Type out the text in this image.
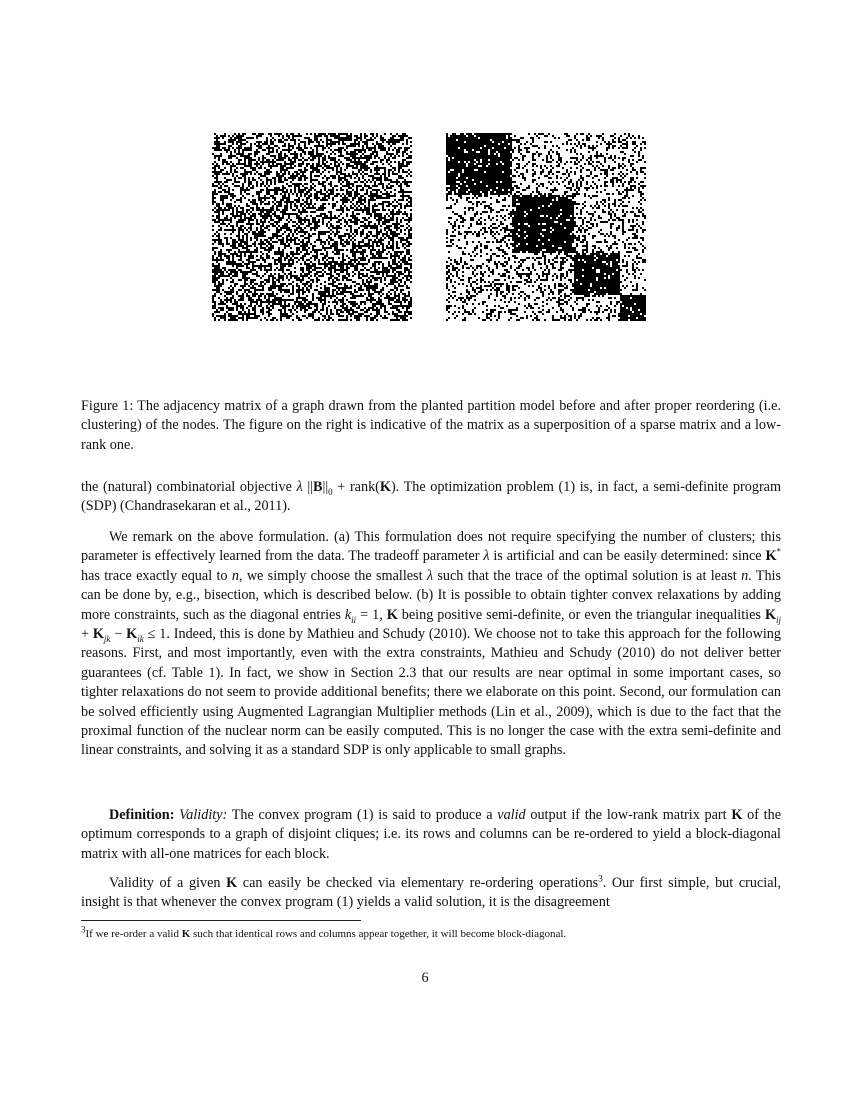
Figure 1: The adjacency matrix of a graph drawn from the planted partition model before and after proper reordering (i.e. clustering) of the nodes. The figure on the right is indicative of the matrix as a superposition of a sparse matrix and a low-rank one.

the (natural) combinatorial objective λ $||B||_0$ + rank(K). The optimization problem (1) is, in fact, a semi-definite program (SDP) (Chandrasekaran et al., 2011).

We remark on the above formulation. (a) This formulation does not require specifying the number of clusters; this parameter is effectively learned from the data. The tradeoff parameter λ is artificial and can be easily determined: since K* has trace exactly equal to n, we simply choose the smallest λ such that the trace of the optimal solution is at least n. This can be done by, e.g., bisection, which is described below. (b) It is possible to obtain tighter convex relaxations by adding more constraints, such as the diagonal entries $k_{ii} = 1$, K being positive semi-definite, or even the triangular inequalities $K_{ij} + K_{jk} - K_{ik} \le 1$. Indeed, this is done by Mathieu and Schudy (2010). We choose not to take this approach for the following reasons. First, and most importantly, even with the extra constraints, Mathieu and Schudy (2010) do not deliver better guarantees (cf. Table 1). In fact, we show in Section 2.3 that our results are near optimal in some important cases, so tighter relaxations do not seem to provide additional benefits; there we elaborate on this point. Second, our formulation can be solved efficiently using Augmented Lagrangian Multiplier methods (Lin et al., 2009), which is due to the fact that the proximal function of the nuclear norm can be easily computed. This is no longer the case with the extra semi-definite and linear constraints, and solving it as a standard SDP is only applicable to small graphs.

Definition: Validity: The convex program (1) is said to produce a valid output if the low-rank matrix part K of the optimum corresponds to a graph of disjoint cliques; i.e. its rows and columns can be re-ordered to yield a block-diagonal matrix with all-one matrices for each block.

Validity of a given K can easily be checked via elementary re-ordering operations$^3$. Our first simple, but crucial, insight is that whenever the convex program (1) yields a valid solution, it is the disagreement

$^3$If we re-order a valid K such that identical rows and columns appear together, it will become block-diagonal.
6
